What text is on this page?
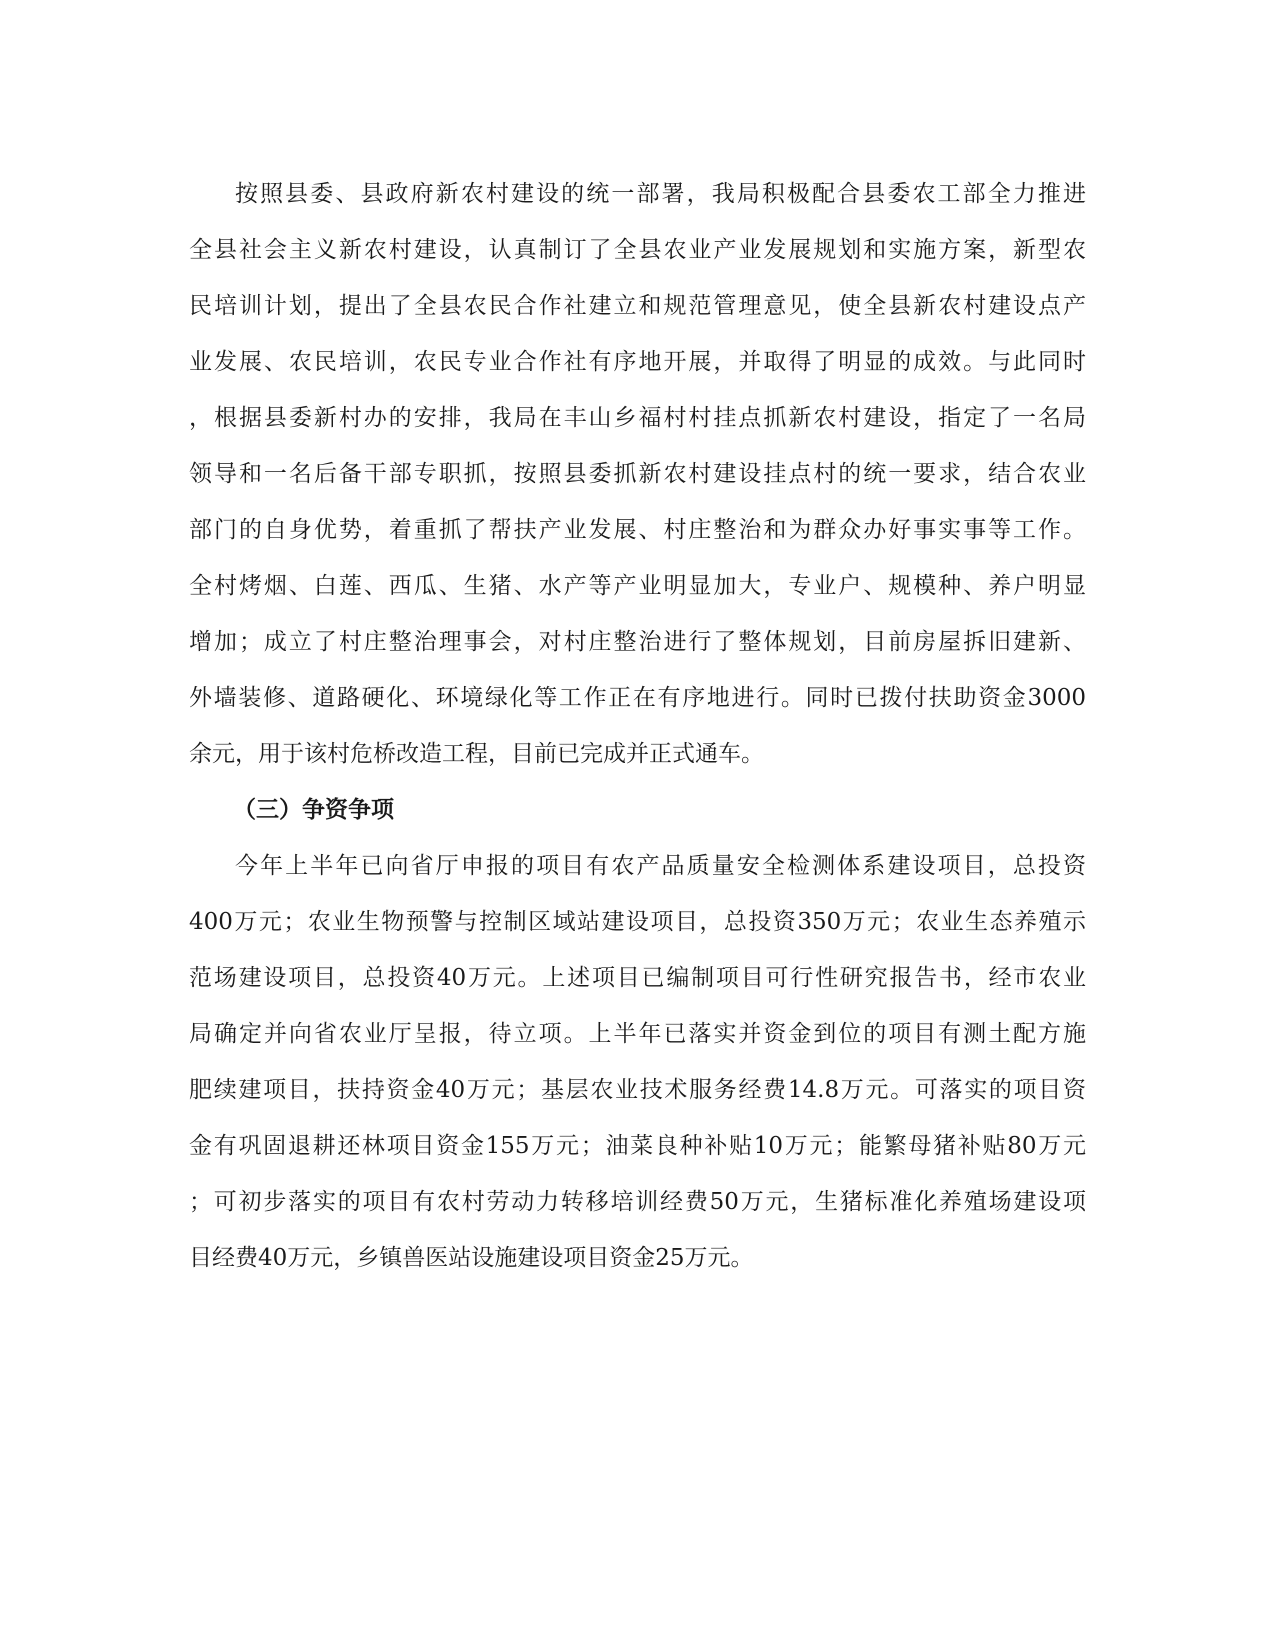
按照县委、县政府新农村建设的统一部署，我局积极配合县委农工部全力推进
全县社会主义新农村建设，认真制订了全县农业产业发展规划和实施方案，新型农
民培训计划，提出了全县农民合作社建立和规范管理意见，使全县新农村建设点产
业发展、农民培训，农民专业合作社有序地开展，并取得了明显的成效。与此同时
，根据县委新村办的安排，我局在丰山乡福村村挂点抓新农村建设，指定了一名局
领导和一名后备干部专职抓，按照县委抓新农村建设挂点村的统一要求，结合农业
部门的自身优势，着重抓了帮扶产业发展、村庄整治和为群众办好事实事等工作。
全村烤烟、白莲、西瓜、生猪、水产等产业明显加大，专业户、规模种、养户明显
增加；成立了村庄整治理事会，对村庄整治进行了整体规划，目前房屋拆旧建新、
外墙装修、道路硬化、环境绿化等工作正在有序地进行。同时已拨付扶助资金3000
余元，用于该村危桥改造工程，目前已完成并正式通车。
（三）争资争项
今年上半年已向省厅申报的项目有农产品质量安全检测体系建设项目，总投资
400万元；农业生物预警与控制区域站建设项目，总投资350万元；农业生态养殖示
范场建设项目，总投资40万元。上述项目已编制项目可行性研究报告书，经市农业
局确定并向省农业厅呈报，待立项。上半年已落实并资金到位的项目有测土配方施
肥续建项目，扶持资金40万元；基层农业技术服务经费14.8万元。可落实的项目资
金有巩固退耕还林项目资金155万元；油菜良种补贴10万元；能繁母猪补贴80万元
；可初步落实的项目有农村劳动力转移培训经费50万元，生猪标准化养殖场建设项
目经费40万元，乡镇兽医站设施建设项目资金25万元。
